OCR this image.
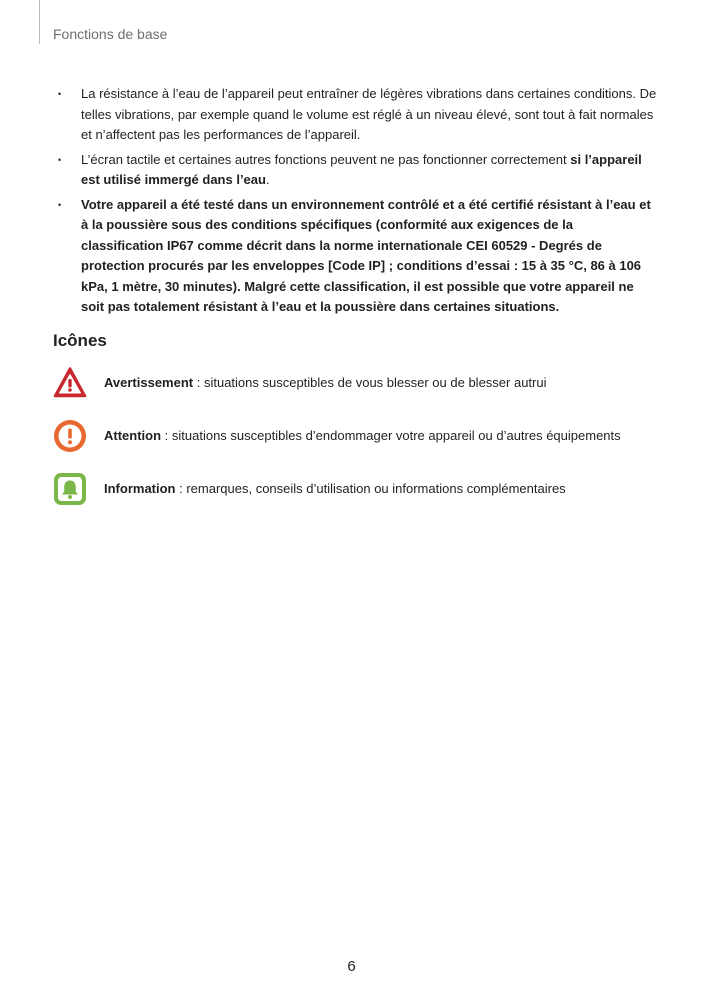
Fonctions de base
• La résistance à l’eau de l’appareil peut entraîner de légères vibrations dans certaines conditions. De telles vibrations, par exemple quand le volume est réglé à un niveau élevé, sont tout à fait normales et n’affectent pas les performances de l’appareil.
• L’écran tactile et certaines autres fonctions peuvent ne pas fonctionner correctement si l’appareil est utilisé immergé dans l’eau.
• Votre appareil a été testé dans un environnement contrôlé et a été certifié résistant à l’eau et à la poussière sous des conditions spécifiques (conformité aux exigences de la classification IP67 comme décrit dans la norme internationale CEI 60529 - Degrés de protection procurés par les enveloppes [Code IP] ; conditions d’essai : 15 à 35 °C, 86 à 106 kPa, 1 mètre, 30 minutes). Malgré cette classification, il est possible que votre appareil ne soit pas totalement résistant à l’eau et la poussière dans certaines situations.
Icônes
Avertissement : situations susceptibles de vous blesser ou de blesser autrui
Attention : situations susceptibles d’endommager votre appareil ou d’autres équipements
Information : remarques, conseils d’utilisation ou informations complémentaires
6
